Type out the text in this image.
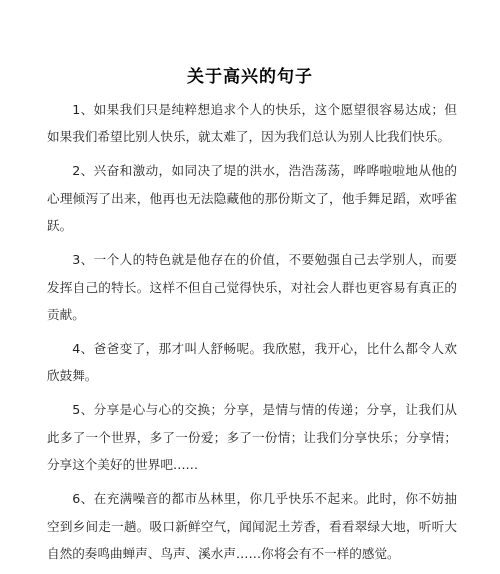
关于高兴的句子

1、如果我们只是纯粹想追求个人的快乐，这个愿望很容易达成；但如果我们希望比别人快乐，就太难了，因为我们总认为别人比我们快乐。

2、兴奋和激动，如同决了堤的洪水，浩浩荡荡，哗哗啦啦地从他的心理倾泻了出来，他再也无法隐藏他的那份斯文了，他手舞足蹈，欢呼雀跃。

3、一个人的特色就是他存在的价值，不要勉强自己去学别人，而要发挥自己的特长。这样不但自己觉得快乐，对社会人群也更容易有真正的贡献。

4、爸爸变了，那才叫人舒畅呢。我欣慰，我开心，比什么都令人欢欣鼓舞。

5、分享是心与心的交换；分享，是情与情的传递；分享，让我们从此多了一个世界，多了一份爱；多了一份情；让我们分享快乐；分享情；分享这个美好的世界吧……

6、在充满噪音的都市丛林里，你几乎快乐不起来。此时，你不妨抽空到乡间走一趟。吸口新鲜空气，闻闻泥土芳香，看看翠绿大地，听听大自然的奏鸣曲蝉声、鸟声、溪水声……你将会有不一样的感觉。
